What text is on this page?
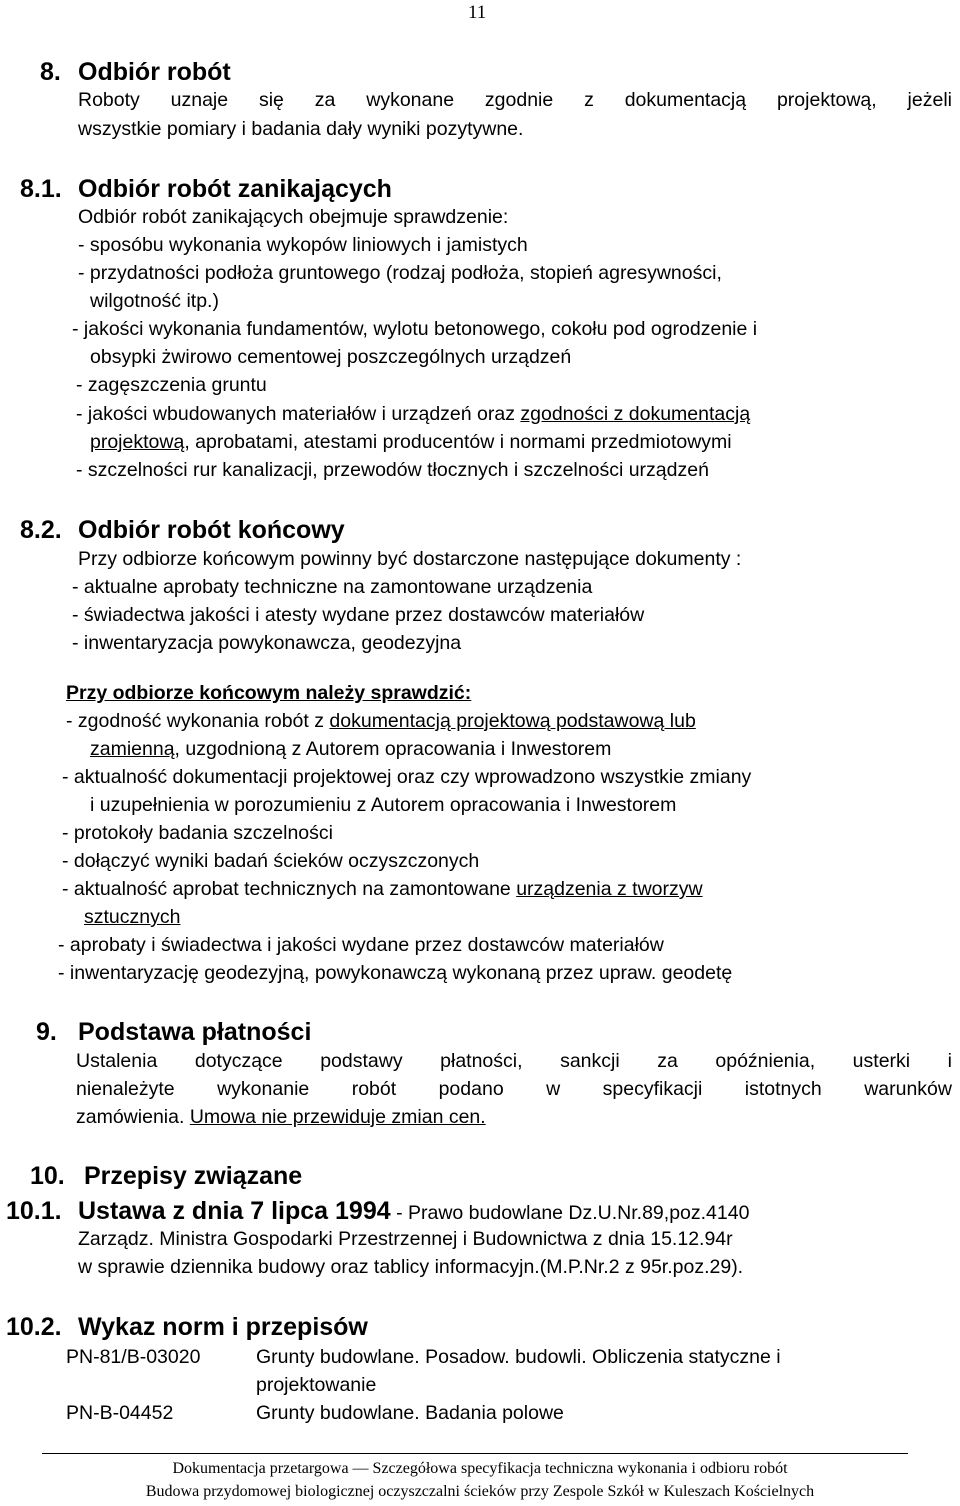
11
8. Odbiór robót
Roboty uznaje się za wykonane zgodnie z dokumentacją projektową, jeżeli
wszystkie pomiary i badania dały wyniki pozytywne.
8.1. Odbiór robót zanikających
Odbiór robót zanikających obejmuje sprawdzenie:
- sposóbu wykonania wykopów liniowych i jamistych
- przydatności podłoża gruntowego (rodzaj podłoża, stopień agresywności,
wilgotność itp.)
- jakości wykonania fundamentów, wylotu betonowego, cokołu pod ogrodzenie i
obsypki żwirowo cementowej poszczególnych urządzeń
- zagęszczenia gruntu
- jakości wbudowanych materiałów i urządzeń oraz zgodności z dokumentacją
projektową, aprobatami, atestami producentów i normami przedmiotowymi
- szczelności rur kanalizacji, przewodów tłocznych i szczelności urządzeń
8.2. Odbiór robót końcowy
Przy odbiorze końcowym powinny być dostarczone następujące dokumenty :
- aktualne aprobaty techniczne na zamontowane urządzenia
- świadectwa jakości i atesty wydane przez dostawców materiałów
- inwentaryzacja powykonawcza, geodezyjna
Przy odbiorze końcowym należy sprawdzić:
- zgodność wykonania robót z dokumentacją projektową podstawową lub
zamienną, uzgodnioną z Autorem opracowania i Inwestorem
- aktualność dokumentacji projektowej oraz czy wprowadzono wszystkie zmiany
i uzupełnienia w porozumieniu z Autorem opracowania i Inwestorem
- protokoły badania szczelności
- dołączyć wyniki badań ścieków oczyszczonych
- aktualność aprobat technicznych na zamontowane urządzenia z tworzyw
sztucznych
- aprobaty i świadectwa i jakości wydane przez dostawców materiałów
- inwentaryzację geodezyjną, powykonawczą wykonaną przez upraw. geodetę
9. Podstawa płatności
Ustalenia dotyczące podstawy płatności, sankcji za opóźnienia, usterki i
nienależyte wykonanie robót podano w specyfikacji istotnych warunków
zamówienia. Umowa nie przewiduje zmian cen.
10. Przepisy związane
10.1. Ustawa z dnia 7 lipca 1994 - Prawo budowlane Dz.U.Nr.89,poz.4140
Zarządz. Ministra Gospodarki Przestrzennej i Budownictwa z dnia 15.12.94r
w sprawie dziennika budowy oraz tablicy informacyjn.(M.P.Nr.2 z 95r.poz.29).
10.2. Wykaz norm i przepisów
PN-81/B-03020	Grunty budowlane. Posadow. budowli. Obliczenia statyczne i
projektowanie
PN-B-04452	Grunty budowlane. Badania polowe
Dokumentacja przetargowa — Szczegółowa specyfikacja techniczna wykonania i odbioru robót
Budowa przydomowej biologicznej oczyszczalni ścieków przy Zespole Szkół w Kuleszach Kościelnych
